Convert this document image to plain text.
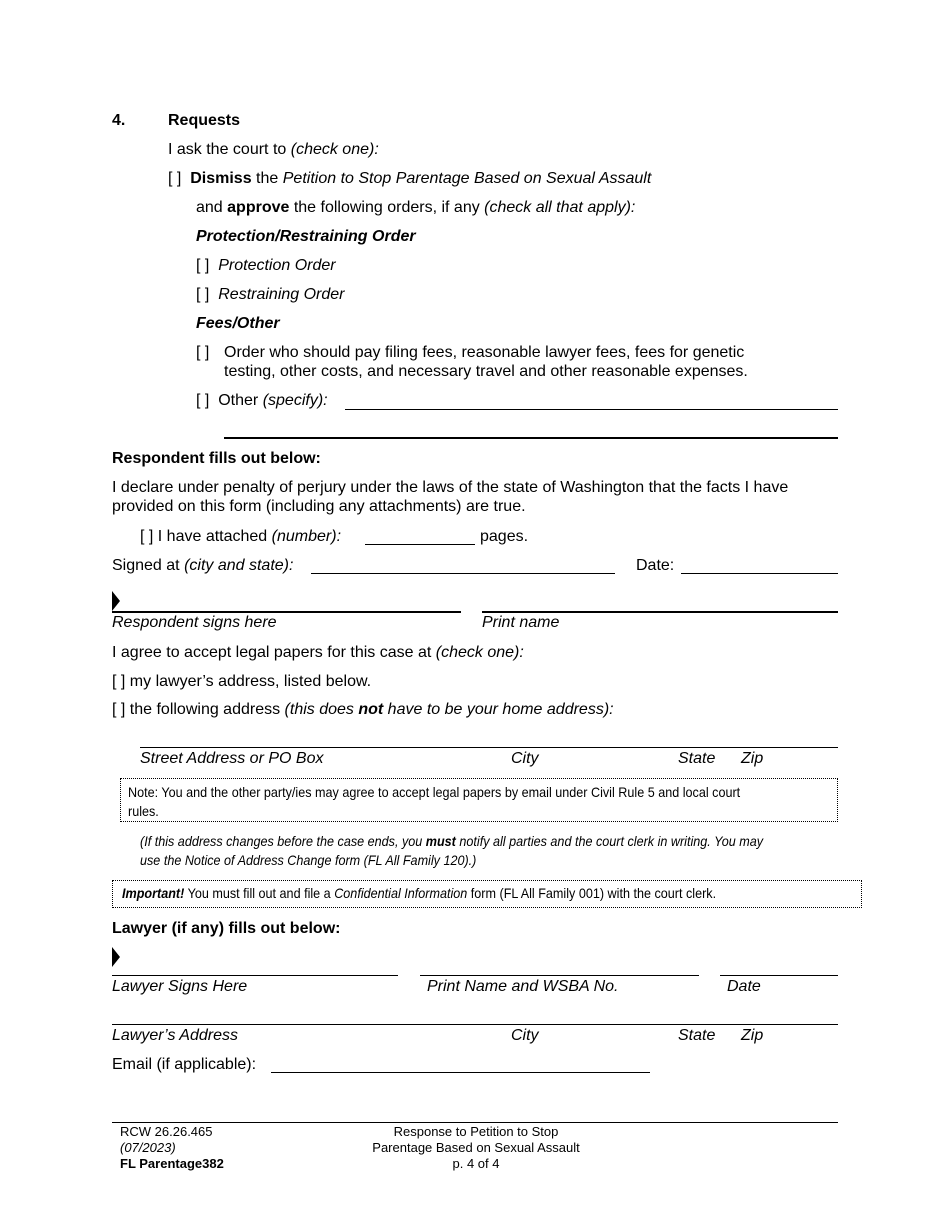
4.	Requests
I ask the court to (check one):
[ ] Dismiss the Petition to Stop Parentage Based on Sexual Assault
and approve the following orders, if any (check all that apply):
Protection/Restraining Order
[ ] Protection Order
[ ] Restraining Order
Fees/Other
[ ] Order who should pay filing fees, reasonable lawyer fees, fees for genetic
testing, other costs, and necessary travel and other reasonable expenses.
[ ] Other (specify):
Respondent fills out below:
I declare under penalty of perjury under the laws of the state of Washington that the facts I have
provided on this form (including any attachments) are true.
[ ] I have attached (number):	pages.
Signed at (city and state):	Date:
Respondent signs here	Print name
I agree to accept legal papers for this case at (check one):
[ ] my lawyer’s address, listed below.
[ ] the following address (this does not have to be your home address):
Street Address or PO Box	City	State Zip
Note: You and the other party/ies may agree to accept legal papers by email under Civil Rule 5 and local court
rules.
(If this address changes before the case ends, you must notify all parties and the court clerk in writing. You may
use the Notice of Address Change form (FL All Family 120).)
Important! You must fill out and file a Confidential Information form (FL All Family 001) with the court clerk.
Lawyer (if any) fills out below:
Lawyer Signs Here	Print Name and WSBA No.	Date
Lawyer’s Address	City	State Zip
Email (if applicable):
RCW 26.26.465
(07/2023)
FL Parentage382
Response to Petition to Stop
Parentage Based on Sexual Assault
p. 4 of 4
